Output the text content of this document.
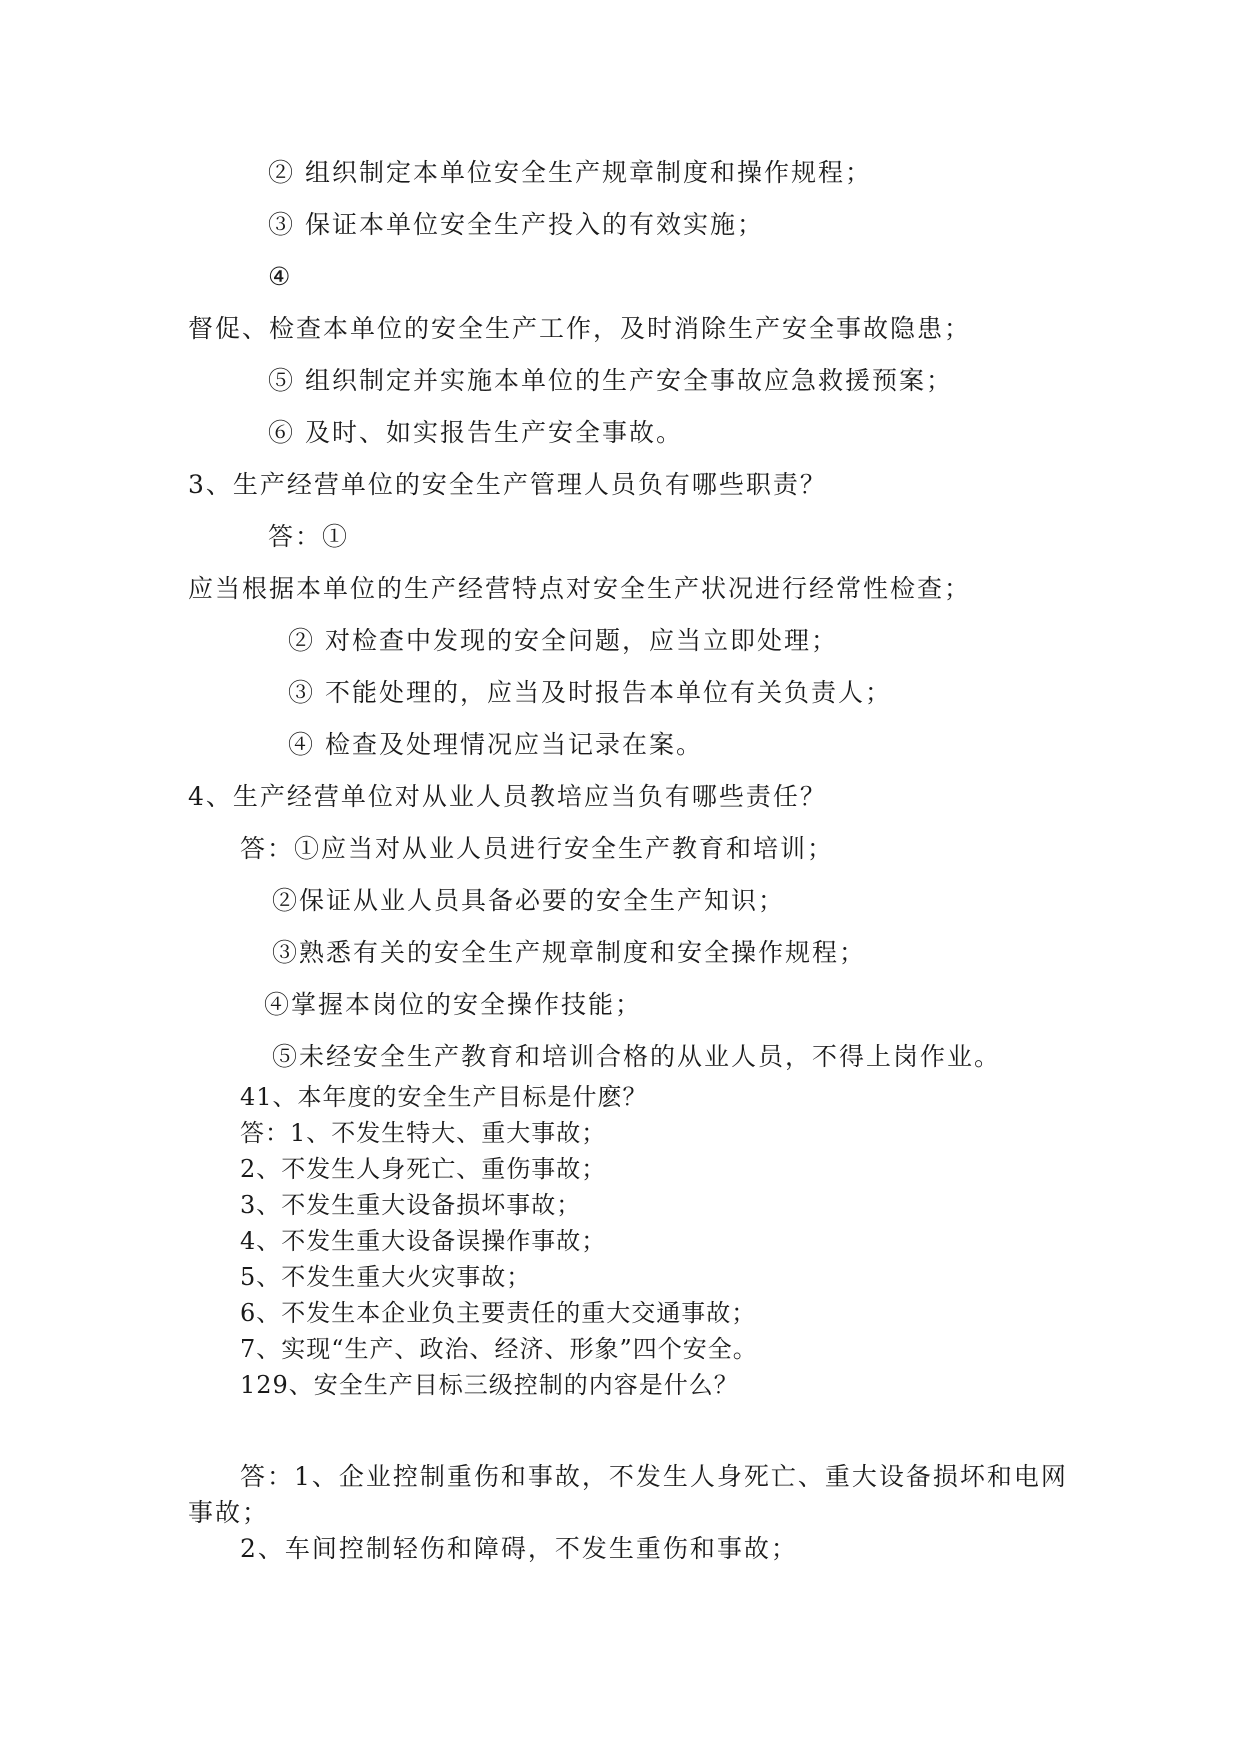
② 组织制定本单位安全生产规章制度和操作规程；
③ 保证本单位安全生产投入的有效实施；
④
督促、检查本单位的安全生产工作，及时消除生产安全事故隐患；
⑤ 组织制定并实施本单位的生产安全事故应急救援预案；
⑥ 及时、如实报告生产安全事故。
3、生产经营单位的安全生产管理人员负有哪些职责？
答：①
应当根据本单位的生产经营特点对安全生产状况进行经常性检查；
② 对检查中发现的安全问题，应当立即处理；
③ 不能处理的，应当及时报告本单位有关负责人；
④ 检查及处理情况应当记录在案。
4、生产经营单位对从业人员教培应当负有哪些责任？
答：①应当对从业人员进行安全生产教育和培训；
②保证从业人员具备必要的安全生产知识；
③熟悉有关的安全生产规章制度和安全操作规程；
④掌握本岗位的安全操作技能；
⑤未经安全生产教育和培训合格的从业人员，不得上岗作业。
41、本年度的安全生产目标是什麽？
答：1、不发生特大、重大事故；
2、不发生人身死亡、重伤事故；
3、不发生重大设备损坏事故；
4、不发生重大设备误操作事故；
5、不发生重大火灾事故；
6、不发生本企业负主要责任的重大交通事故；
7、实现“生产、政治、经济、形象”四个安全。
129、安全生产目标三级控制的内容是什么？
答：1、企业控制重伤和事故，不发生人身死亡、重大设备损坏和电网
事故；
2、车间控制轻伤和障碍，不发生重伤和事故；
